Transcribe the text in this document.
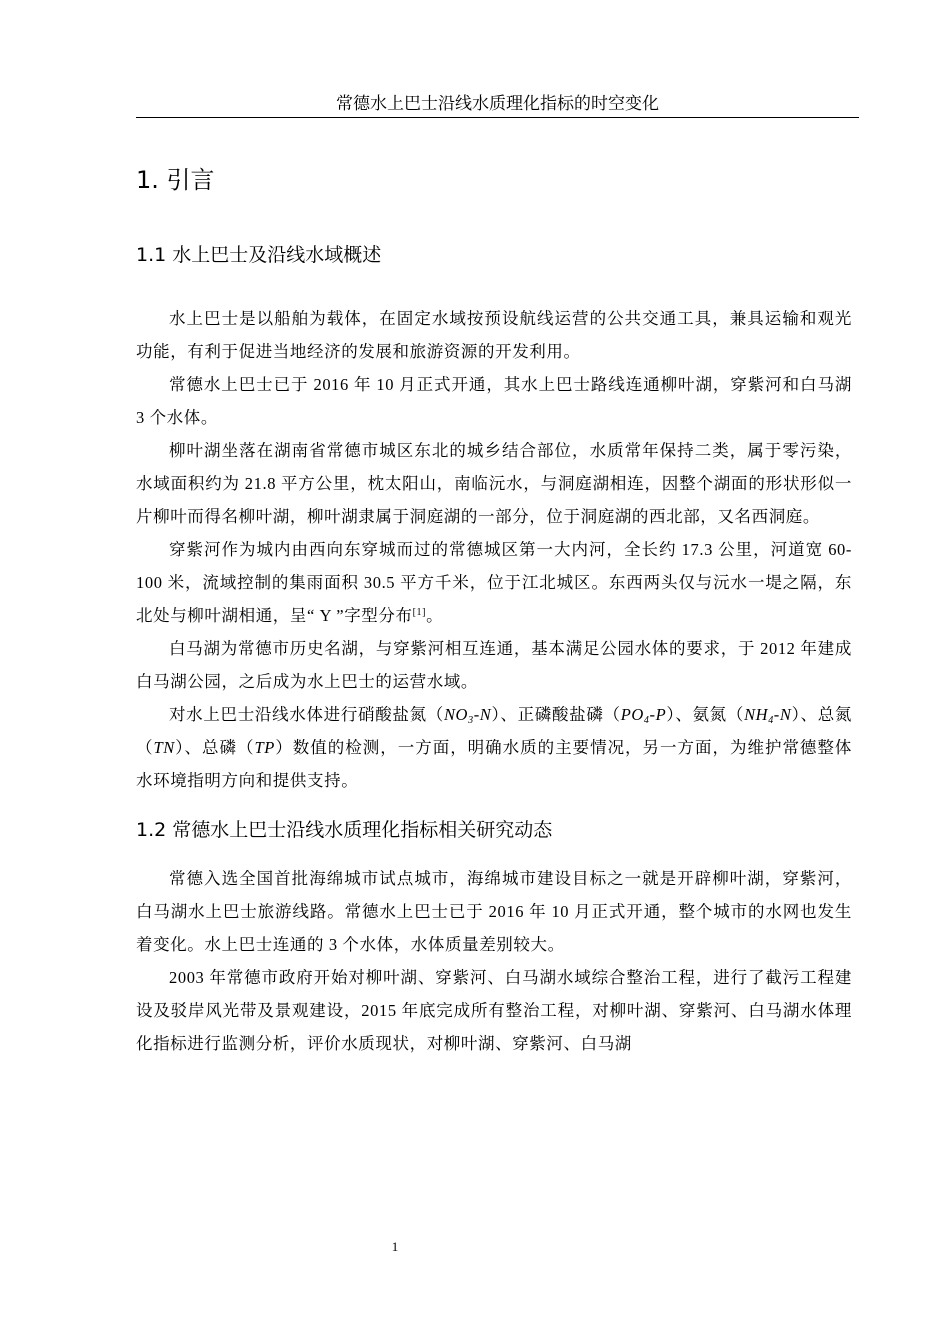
常德水上巴士沿线水质理化指标的时空变化
1. 引言
1.1 水上巴士及沿线水域概述

水上巴士是以船舶为载体，在固定水域按预设航线运营的公共交通工具，兼具运输和观光功能，有利于促进当地经济的发展和旅游资源的开发利用。

常德水上巴士已于 2016 年 10 月正式开通，其水上巴士路线连通柳叶湖，穿紫河和白马湖 3 个水体。

柳叶湖坐落在湖南省常德市城区东北的城乡结合部位，水质常年保持二类，属于零污染，水域面积约为 21.8 平方公里，枕太阳山，南临沅水，与洞庭湖相连，因整个湖面的形状形似一片柳叶而得名柳叶湖，柳叶湖隶属于洞庭湖的一部分，位于洞庭湖的西北部，又名西洞庭。

穿紫河作为城内由西向东穿城而过的常德城区第一大内河，全长约 17.3 公里，河道宽 60-100 米，流域控制的集雨面积 30.5 平方千米，位于江北城区。东西两头仅与沅水一堤之隔，东北处与柳叶湖相通，呈“ Y ”字型分布[1]。

白马湖为常德市历史名湖，与穿紫河相互连通，基本满足公园水体的要求，于 2012 年建成白马湖公园，之后成为水上巴士的运营水域。

对水上巴士沿线水体进行硝酸盐氮$(NO_3-N)$、正磷酸盐磷$(PO_4-P)$、氨氮$(NH_4-N)$、总氮（TN）、总磷（TP）数值的检测，一方面，明确水质的主要情况，另一方面，为维护常德整体水环境指明方向和提供支持。

1.2 常德水上巴士沿线水质理化指标相关研究动态

常德入选全国首批海绵城市试点城市，海绵城市建设目标之一就是开辟柳叶湖，穿紫河，白马湖水上巴士旅游线路。常德水上巴士已于 2016 年 10 月正式开通，整个城市的水网也发生着变化。水上巴士连通的 3 个水体，水体质量差别较大。

2003 年常德市政府开始对柳叶湖、穿紫河、白马湖水域综合整治工程，进行了截污工程建设及驳岸风光带及景观建设，2015 年底完成所有整治工程，对柳叶湖、穿紫河、白马湖水体理化指标进行监测分析，评价水质现状，对柳叶湖、穿紫河、白马湖

1
